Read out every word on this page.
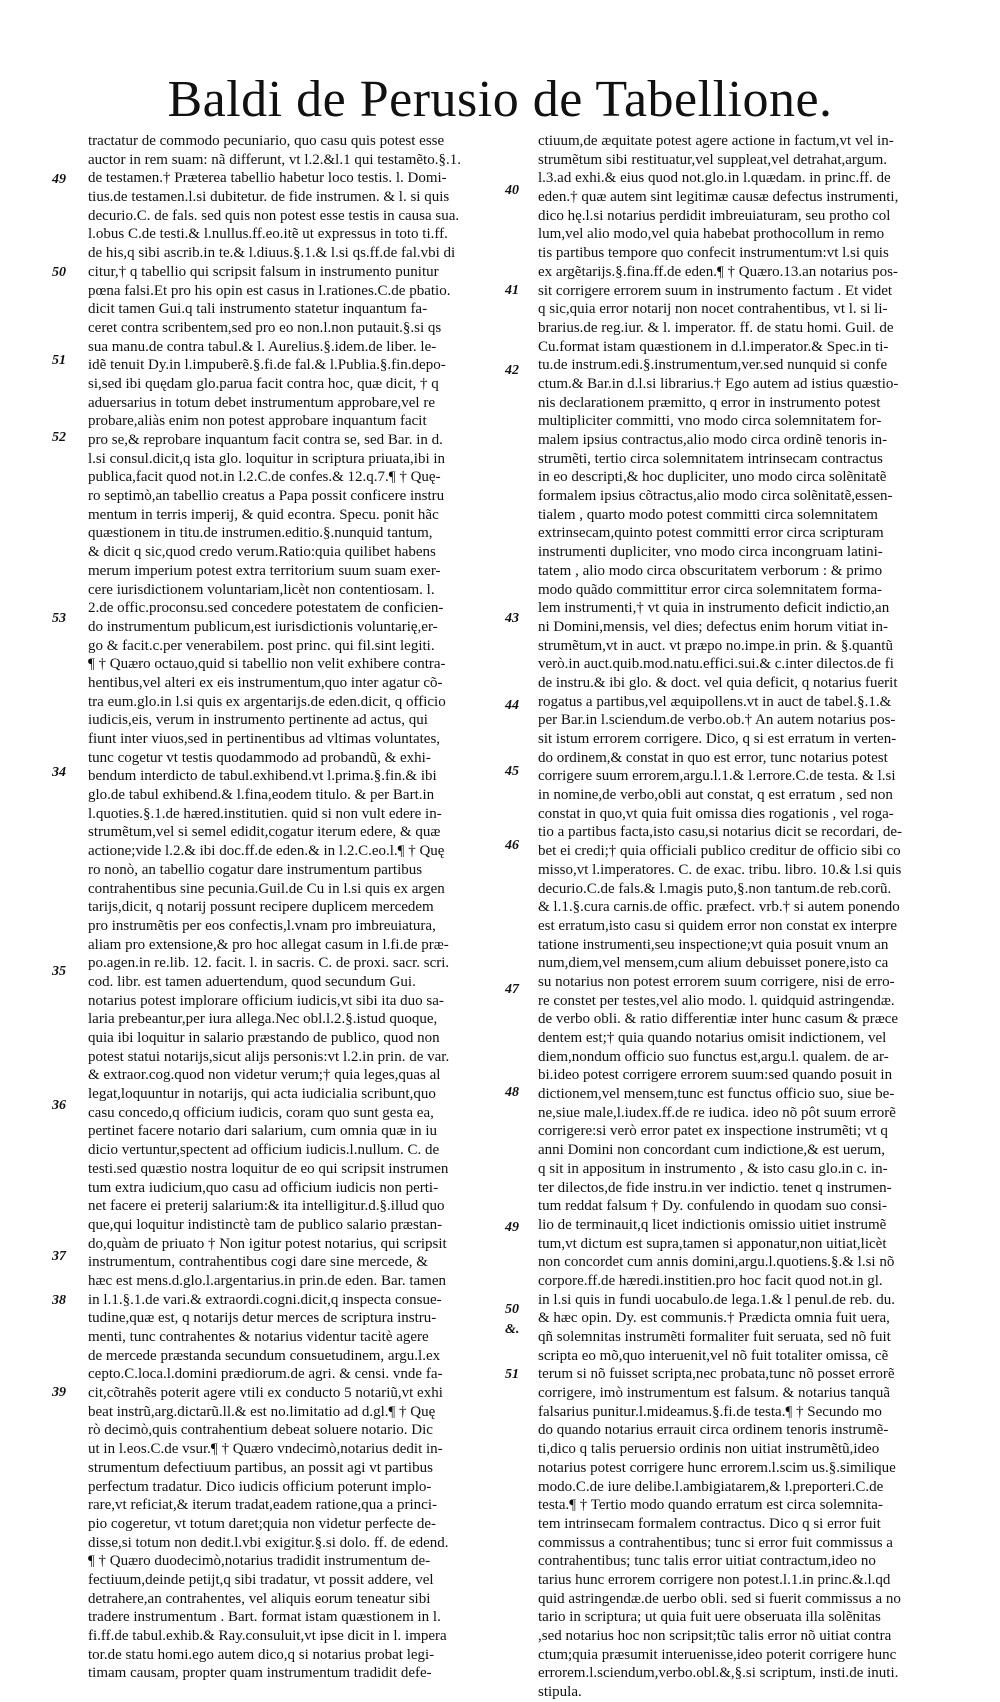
Baldi de Perusio de Tabellione.
tractatur de commodo pecuniario, quo casu quis potest esse
auctor in rem suam: nã differunt, vt l.2.&l.1 qui testamẽto.§.1.
de testamen.† Præterea tabellio habetur loco testis. l. Domi-
tius.de testamen.l.si dubitetur. de fide instrumen. & l. si quis
decurio.C. de fals. sed quis non potest esse testis in causa sua.
l.obus C.de testi.& l.nullus.ff.eo.itẽ ut expressus in toto ti.ff.
de his,q sibi ascrib.in te.& l.diuus.§.1.& l.si qs.ff.de fal.vbi di
citur,† q tabellio qui scripsit falsum in instrumento punitur
pœna falsi.Et pro his opin est casus in l.rationes.C.de pbatio.
dicit tamen Gui.q tali instrumento statetur inquantum fa-
ceret contra scribentem,sed pro eo non.l.non putauit.§.si qs
sua manu.de contra tabul.& l. Aurelius.§.idem.de liber. le-
idẽ tenuit Dy.in l.impuberẽ.§.fi.de fal.& l.Publia.§.fin.depo-
si,sed ibi quędam glo.parua facit contra hoc, quæ dicit, † q
aduersarius in totum debet instrumentum approbare,vel re
probare,aliàs enim non potest approbare inquantum facit
pro se,& reprobare inquantum facit contra se, sed Bar. in d.
l.si consul.dicit,q ista glo. loquitur in scriptura priuata,ibi in
publica,facit quod not.in l.2.C.de confes.& 12.q.7.¶ † Quę-
ro septimò,an tabellio creatus a Papa possit conficere instru
mentum in terris imperij, & quid econtra. Specu. ponit hãc
quæstionem in titu.de instrumen.editio.§.nunquid tantum,
& dicit q sic,quod credo verum.Ratio:quia quilibet habens
merum imperium potest extra territorium suum suam exer-
cere iurisdictionem voluntariam,licèt non contentiosam. l.
2.de offic.proconsu.sed concedere potestatem de conficien-
do instrumentum publicum,est iurisdictionis voluntarię,er-
go & facit.c.per venerabilem. post princ. qui fil.sint legiti.
¶ † Quæro octauo,quid si tabellio non velit exhibere contra-
hentibus,vel alteri ex eis instrumentum,quo inter agatur cõ-
tra eum.glo.in l.si quis ex argentarijs.de eden.dicit, q officio
iudicis,eis, verum in instrumento pertinente ad actus, qui
fiunt inter viuos,sed in pertinentibus ad vltimas voluntates,
tunc cogetur vt testis quodammodo ad probandũ, & exhi-
bendum interdicto de tabul.exhibend.vt l.prima.§.fin.& ibi
glo.de tabul exhibend.& l.fina,eodem titulo. & per Bart.in
l.quoties.§.1.de hæred.institutien. quid si non vult edere in-
strumẽtum,vel si semel edidit,cogatur iterum edere, & quæ
actione;vide l.2.& ibi doc.ff.de eden.& in l.2.C.eo.l.¶ † Quę
ro nonò, an tabellio cogatur dare instrumentum partibus
contrahentibus sine pecunia.Guil.de Cu in l.si quis ex argen
tarijs,dicit, q notarij possunt recipere duplicem mercedem
pro instrumẽtis per eos confectis,l.vnam pro imbreuiatura,
aliam pro extensione,& pro hoc allegat casum in l.fi.de præ-
po.agen.in re.lib. 12. facit. l. in sacris. C. de proxi. sacr. scri.
cod. libr. est tamen aduertendum, quod secundum Gui.
notarius potest implorare officium iudicis,vt sibi ita duo sa-
laria prebeantur,per iura allega.Nec obl.l.2.§.istud quoque,
quia ibi loquitur in salario præstando de publico, quod non
potest statui notarijs,sicut alijs personis:vt l.2.in prin. de var.
& extraor.cog.quod non videtur verum;† quia leges,quas al
legat,loquuntur in notarijs, qui acta iudicialia scribunt,quo
casu concedo,q officium iudicis, coram quo sunt gesta ea,
pertinet facere notario dari salarium, cum omnia quæ in iu
dicio vertuntur,spectent ad officium iudicis.l.nullum. C. de
testi.sed quæstio nostra loquitur de eo qui scripsit instrumen
tum extra iudicium,quo casu ad officium iudicis non perti-
net facere ei preterij salarium:& ita intelligitur.d.§.illud quo
que,qui loquitur indistinctè tam de publico salario præstan-
do,quàm de priuato † Non igitur potest notarius, qui scripsit
instrumentum, contrahentibus cogi dare sine mercede, &
hæc est mens.d.glo.l.argentarius.in prin.de eden. Bar. tamen
in l.1.§.1.de vari.& extraordi.cogni.dicit,q inspecta consue-
tudine,quæ est, q notarijs detur merces de scriptura instru-
menti, tunc contrahentes & notarius videntur tacitè agere
de mercede præstanda secundum consuetudinem, argu.l.ex
cepto.C.loca.l.domini prædiorum.de agri. & censi. vnde fa-
cit,cõtrahẽs poterit agere vtili ex conducto 5 notariũ,vt exhi
beat instrũ,arg.dictarũ.ll.& est no.limitatio ad d.gl.¶ † Quę
rò decimò,quis contrahentium debeat soluere notario. Dic
ut in l.eos.C.de vsur.¶ † Quæro vndecimò,notarius dedit in-
strumentum defectiuum partibus, an possit agi vt partibus
perfectum tradatur. Dico iudicis officium poterunt implo-
rare,vt reficiat,& iterum tradat,eadem ratione,qua a princi-
pio cogeretur, vt totum daret;quia non videtur perfecte de-
disse,si totum non dedit.l.vbi exigitur.§.si dolo. ff. de edend.
¶ † Quæro duodecimò,notarius tradidit instrumentum de-
fectiuum,deinde petijt,q sibi tradatur, vt possit addere, vel
detrahere,an contrahentes, vel aliquis eorum teneatur sibi
tradere instrumentum . Bart. format istam quæstionem in l.
fi.ff.de tabul.exhib.& Ray.consuluit,vt ipse dicit in l. impera
tor.de statu homi.ego autem dico,q si notarius probat legi-
timam causam, propter quam instrumentum tradidit defe-
ctiuum,de æquitate potest agere actione in factum,vt vel in-
strumẽtum sibi restituatur,vel suppleat,vel detrahat,argum.
l.3.ad exhi.& eius quod not.glo.in l.quædam. in princ.ff. de
eden.† quæ autem sint legitimæ causæ defectus instrumenti,
dico hę.l.si notarius perdidit imbreuiaturam, seu protho col
lum,vel alio modo,vel quia habebat prothocollum in remo
tis partibus tempore quo confecit instrumentum:vt l.si quis
ex argẽtarijs.§.fina.ff.de eden.¶ † Quæro.13.an notarius pos-
sit corrigere errorem suum in instrumento factum . Et videt
q sic,quia error notarij non nocet contrahentibus, vt l. si li-
brarius.de reg.iur. & l. imperator. ff. de statu homi. Guil. de
Cu.format istam quæstionem in d.l.imperator.& Spec.in ti-
tu.de instrum.edi.§.instrumentum,ver.sed nunquid si confe
ctum.& Bar.in d.l.si librarius.† Ego autem ad istius quæstio-
nis declarationem præmitto, q error in instrumento potest
multipliciter committi, vno modo circa solemnitatem for-
malem ipsius contractus,alio modo circa ordinẽ tenoris in-
strumẽti, tertio circa solemnitatem intrinsecam contractus
in eo descripti,& hoc dupliciter, uno modo circa solẽnitatẽ
formalem ipsius cõtractus,alio modo circa solẽnitatẽ,essen-
tialem , quarto modo potest committi circa solemnitatem
extrinsecam,quinto potest committi error circa scripturam
instrumenti dupliciter, vno modo circa incongruam latini-
tatem , alio modo circa obscuritatem verborum : & primo
modo quãdo committitur error circa solemnitatem forma-
lem instrumenti,† vt quia in instrumento deficit indictio,an
ni Domini,mensis, vel dies; defectus enim horum vitiat in-
strumẽtum,vt in auct. vt præpo no.impe.in prin. & §.quantũ
verò.in auct.quib.mod.natu.effici.sui.& c.inter dilectos.de fi
de instru.& ibi glo. & doct. vel quia deficit, q notarius fuerit
rogatus a partibus,vel æquipollens.vt in auct de tabel.§.1.&
per Bar.in l.sciendum.de verbo.ob.† An autem notarius pos-
sit istum errorem corrigere. Dico, q si est erratum in verten-
do ordinem,& constat in quo est error, tunc notarius potest
corrigere suum errorem,argu.l.1.& l.errore.C.de testa. & l.si
in nomine,de verbo,obli aut constat, q est erratum , sed non
constat in quo,vt quia fuit omissa dies rogationis , vel roga-
tio a partibus facta,isto casu,si notarius dicit se recordari, de-
bet ei credi;† quia officiali publico creditur de officio sibi co
misso,vt l.imperatores. C. de exac. tribu. libro. 10.& l.si quis
decurio.C.de fals.& l.magis puto,§.non tantum.de reb.corũ.
& l.1.§.cura carnis.de offic. præfect. vrb.† si autem ponendo
est erratum,isto casu si quidem error non constat ex interpre
tatione instrumenti,seu inspectione;vt quia posuit vnum an
num,diem,vel mensem,cum alium debuisset ponere,isto ca
su notarius non potest errorem suum corrigere, nisi de erro-
re constet per testes,vel alio modo. l. quidquid astringendæ.
de verbo obli. & ratio differentiæ inter hunc casum & præce
dentem est;† quia quando notarius omisit indictionem, vel
diem,nondum officio suo functus est,argu.l. qualem. de ar-
bi.ideo potest corrigere errorem suum:sed quando posuit in
dictionem,vel mensem,tunc est functus officio suo, siue be-
ne,siue male,l.iudex.ff.de re iudica. ideo nõ pôt suum errorẽ
corrigere:si verò error patet ex inspectione instrumẽti; vt q
anni Domini non concordant cum indictione,& est uerum,
q sit in appositum in instrumento , & isto casu glo.in c. in-
ter dilectos,de fide instru.in ver indictio. tenet q instrumen-
tum reddat falsum † Dy. confulendo in quodam suo consi-
lio de terminauit,q licet indictionis omissio uitiet instrumẽ
tum,vt dictum est supra,tamen si apponatur,non uitiat,licèt
non concordet cum annis domini,argu.l.quotiens.§.& l.si nõ
corpore.ff.de hæredi.institien.pro hoc facit quod not.in gl.
in l.si quis in fundi uocabulo.de lega.1.& l penul.de reb. du.
& hæc opin. Dy. est communis.† Prædicta omnia fuit uera,
qñ solemnitas instrumẽti formaliter fuit seruata, sed nõ fuit
scripta eo mõ,quo interuenit,vel nõ fuit totaliter omissa, cẽ
terum si nõ fuisset scripta,nec probata,tunc nõ posset errorẽ
corrigere, imò instrumentum est falsum. & notarius tanquã
falsarius punitur.l.mideamus.§.fi.de testa.¶ † Secundo mo
do quando notarius errauit circa ordinem tenoris instrumẽ-
ti,dico q talis peruersio ordinis non uitiat instrumẽtũ,ideo
notarius potest corrigere hunc errorem.l.scim us.§.similique
modo.C.de iure delibe.l.ambigiatarem,& l.preporteri.C.de
testa.¶ † Tertio modo quando erratum est circa solemnita-
tem intrinsecam formalem contractus. Dico q si error fuit
commissus a contrahentibus; tunc si error fuit commissus a
contrahentibus; tunc talis error uitiat contractum,ideo no
tarius hunc errorem corrigere non potest.l.1.in princ.&.l.qd
quid astringendæ.de uerbo obli. sed si fuerit commissus a no
tario in scriptura; ut quia fuit uere obseruata illa solẽnitas
,sed notarius hoc non scripsit;tũc talis error nõ uitiat contra
ctum;quia præsumit interuenisse,ideo poterit corrigere hunc
errorem.l.sciendum,verbo.obl.&,§.si scriptum, insti.de inuti.
stipula.
49
50
51
52
53
34
35
36
37
38
39
40
41
42
43
44
45
46
47
48
49
50
&.
51
